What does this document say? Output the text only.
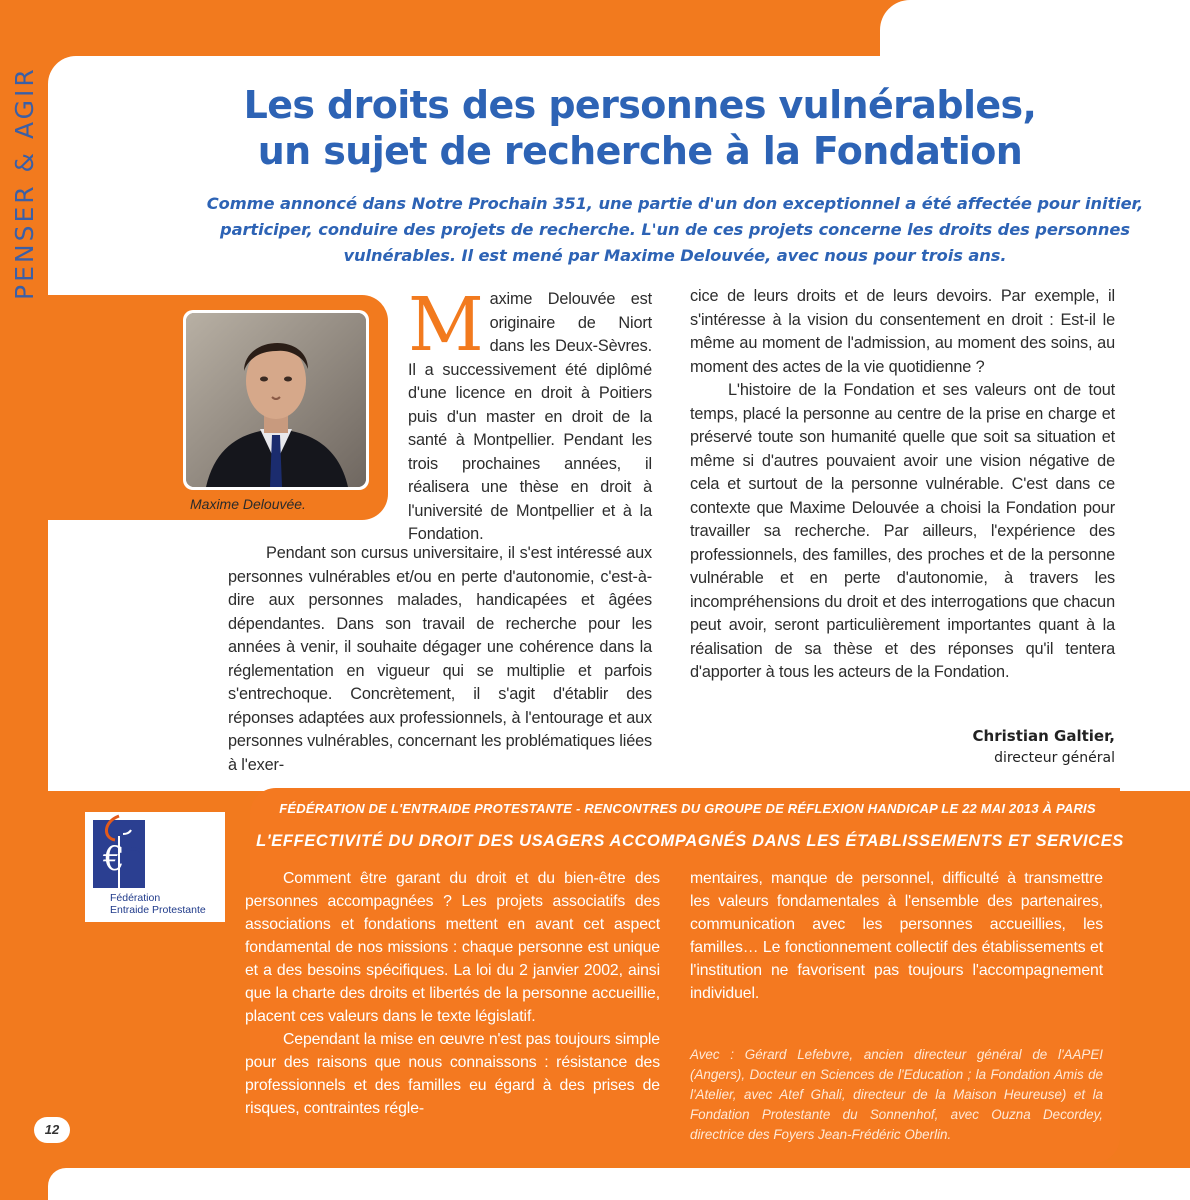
PENSER & AGIR	Les droits des personnes vulnérables,
un sujet de recherche à la Fondation

Comme annoncé dans Notre Prochain 351, une partie d'un don exceptionnel a été affectée pour initier, participer, conduire des projets de recherche. L'un de ces projets concerne les droits des personnes vulnérables. Il est mené par Maxime Delouvée, avec nous pour trois ans.

Maxime Delouvée.

Maxime Delouvée est originaire de Niort dans les Deux-Sèvres. Il a successivement été diplômé d'une licence en droit à Poitiers puis d'un master en droit de la santé à Montpellier. Pendant les trois prochaines années, il réalisera une thèse en droit à l'université de Montpellier et à la Fondation.

Pendant son cursus universitaire, il s'est intéressé aux personnes vulnérables et/ou en perte d'autonomie, c'est-à-dire aux personnes malades, handicapées et âgées dépendantes. Dans son travail de recherche pour les années à venir, il souhaite dégager une cohérence dans la réglementation en vigueur qui se multiplie et parfois s'entrechoque. Concrètement, il s'agit d'établir des réponses adaptées aux professionnels, à l'entourage et aux personnes vulnérables, concernant les problématiques liées à l'exer-

cice de leurs droits et de leurs devoirs. Par exemple, il s'intéresse à la vision du consentement en droit : Est-il le même au moment de l'admission, au moment des soins, au moment des actes de la vie quotidienne ?

L'histoire de la Fondation et ses valeurs ont de tout temps, placé la personne au centre de la prise en charge et préservé toute son humanité quelle que soit sa situation et même si d'autres pouvaient avoir une vision négative de cela et surtout de la personne vulnérable. C'est dans ce contexte que Maxime Delouvée a choisi la Fondation pour travailler sa recherche. Par ailleurs, l'expérience des professionnels, des familles, des proches et de la personne vulnérable et en perte d'autonomie, à travers les incompréhensions du droit et des interrogations que chacun peut avoir, seront particulièrement importantes quant à la réalisation de sa thèse et des réponses qu'il tentera d'apporter à tous les acteurs de la Fondation.

Christian Galtier,
directeur général
FÉDÉRATION DE L'ENTRAIDE PROTESTANTE - RENCONTRES DU GROUPE DE RÉFLEXION HANDICAP LE 22 MAI 2013 À PARIS
L'EFFECTIVITÉ DU DROIT DES USAGERS ACCOMPAGNÉS DANS LES ÉTABLISSEMENTS ET SERVICES

Comment être garant du droit et du bien-être des personnes accompagnées ? Les projets associatifs des associations et fondations mettent en avant cet aspect fondamental de nos missions : chaque personne est unique et a des besoins spécifiques. La loi du 2 janvier 2002, ainsi que la charte des droits et libertés de la personne accueillie, placent ces valeurs dans le texte législatif.

Cependant la mise en œuvre n'est pas toujours simple pour des raisons que nous connaissons : résistance des professionnels et des familles eu égard à des prises de risques, contraintes régle-

mentaires, manque de personnel, difficulté à transmettre les valeurs fondamentales à l'ensemble des partenaires, communication avec les personnes accueillies, les familles… Le fonctionnement collectif des établissements et l'institution ne favorisent pas toujours l'accompagnement individuel.

Avec : Gérard Lefebvre, ancien directeur général de l'AAPEI (Angers), Docteur en Sciences de l'Education ; la Fondation Amis de l'Atelier, avec Atef Ghali, directeur de la Maison Heureuse) et la Fondation Protestante du Sonnenhof, avec Ouzna Decordey, directrice des Foyers Jean-Frédéric Oberlin.
€
Fédération
Entraide Protestante
12
